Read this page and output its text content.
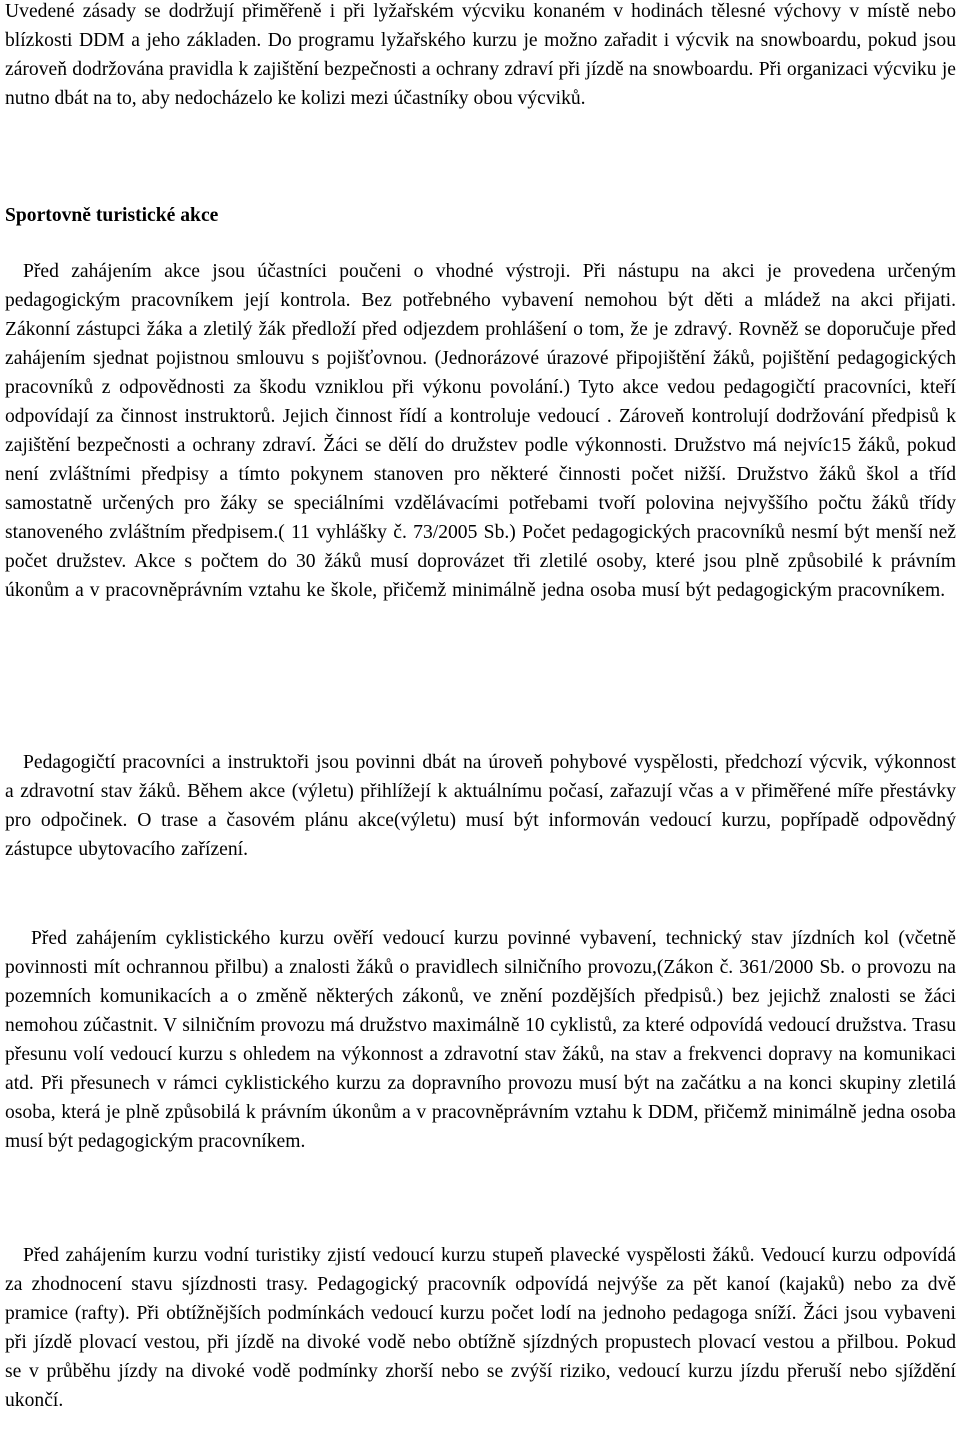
Uvedené zásady se dodržují přiměřeně i při lyžařském výcviku konaném v hodinách tělesné výchovy v místě nebo blízkosti DDM a jeho základen. Do programu lyžařského kurzu je možno zařadit i výcvik na snowboardu, pokud jsou zároveň dodržována pravidla k zajištění bezpečnosti a ochrany zdraví při jízdě na snowboardu. Při organizaci výcviku je nutno dbát na to, aby nedocházelo ke kolizi mezi účastníky obou výcviků.

Sportovně turistické akce

Před zahájením akce jsou účastníci poučeni o vhodné výstroji. Při nástupu na akci je provedena určeným pedagogickým pracovníkem její kontrola. Bez potřebného vybavení nemohou být děti a mládež na akci přijati. Zákonní zástupci žáka a zletilý žák předloží před odjezdem prohlášení o tom, že je zdravý. Rovněž se doporučuje před zahájením sjednat pojistnou smlouvu s pojišťovnou. (Jednorázové úrazové připojištění žáků, pojištění pedagogických pracovníků z odpovědnosti za škodu vzniklou při výkonu povolání.) Tyto akce vedou pedagogičtí pracovníci, kteří odpovídají za činnost instruktorů. Jejich činnost řídí a kontroluje vedoucí . Zároveň kontrolují dodržování předpisů k zajištění bezpečnosti a ochrany zdraví. Žáci se dělí do družstev podle výkonnosti. Družstvo má nejvíc15 žáků, pokud není zvláštními předpisy a tímto pokynem stanoven pro některé činnosti počet nižší. Družstvo žáků škol a tříd samostatně určených pro žáky se speciálními vzdělávacími potřebami tvoří polovina nejvyššího počtu žáků třídy stanoveného zvláštním předpisem.( 11 vyhlášky č. 73/2005 Sb.) Počet pedagogických pracovníků nesmí být menší než počet družstev. Akce s počtem do 30 žáků musí doprovázet tři zletilé osoby, které jsou plně způsobilé k právním úkonům a v pracovněprávním vztahu ke škole, přičemž minimálně jedna osoba musí být pedagogickým pracovníkem.

Pedagogičtí pracovníci a instruktoři jsou povinni dbát na úroveň pohybové vyspělosti, předchozí výcvik, výkonnost a zdravotní stav žáků. Během akce (výletu) přihlížejí k aktuálnímu počasí, zařazují včas a v přiměřené míře přestávky pro odpočinek. O trase a časovém plánu akce(výletu) musí být informován vedoucí kurzu, popřípadě odpovědný zástupce ubytovacího zařízení.

Před zahájením cyklistického kurzu ověří vedoucí kurzu povinné vybavení, technický stav jízdních kol (včetně povinnosti mít ochrannou přilbu) a znalosti žáků o pravidlech silničního provozu,(Zákon č. 361/2000 Sb. o provozu na pozemních komunikacích a o změně některých zákonů, ve znění pozdějších předpisů.) bez jejichž znalosti se žáci nemohou zúčastnit. V silničním provozu má družstvo maximálně 10 cyklistů, za které odpovídá vedoucí družstva. Trasu přesunu volí vedoucí kurzu s ohledem na výkonnost a zdravotní stav žáků, na stav a frekvenci dopravy na komunikaci atd. Při přesunech v rámci cyklistického kurzu za dopravního provozu musí být na začátku a na konci skupiny zletilá osoba, která je plně způsobilá k právním úkonům a v pracovněprávním vztahu k DDM, přičemž minimálně jedna osoba musí být pedagogickým pracovníkem.

Před zahájením kurzu vodní turistiky zjistí vedoucí kurzu stupeň plavecké vyspělosti žáků. Vedoucí kurzu odpovídá za zhodnocení stavu sjízdnosti trasy. Pedagogický pracovník odpovídá nejvýše za pět kanoí (kajaků) nebo za dvě pramice (rafty). Při obtížnějších podmínkách vedoucí kurzu počet lodí na jednoho pedagoga sníží. Žáci jsou vybaveni při jízdě plovací vestou, při jízdě na divoké vodě nebo obtížně sjízdných propustech plovací vestou a přilbou. Pokud se v průběhu jízdy na divoké vodě podmínky zhorší nebo se zvýší riziko, vedoucí kurzu jízdu přeruší nebo sjíždění ukončí.
